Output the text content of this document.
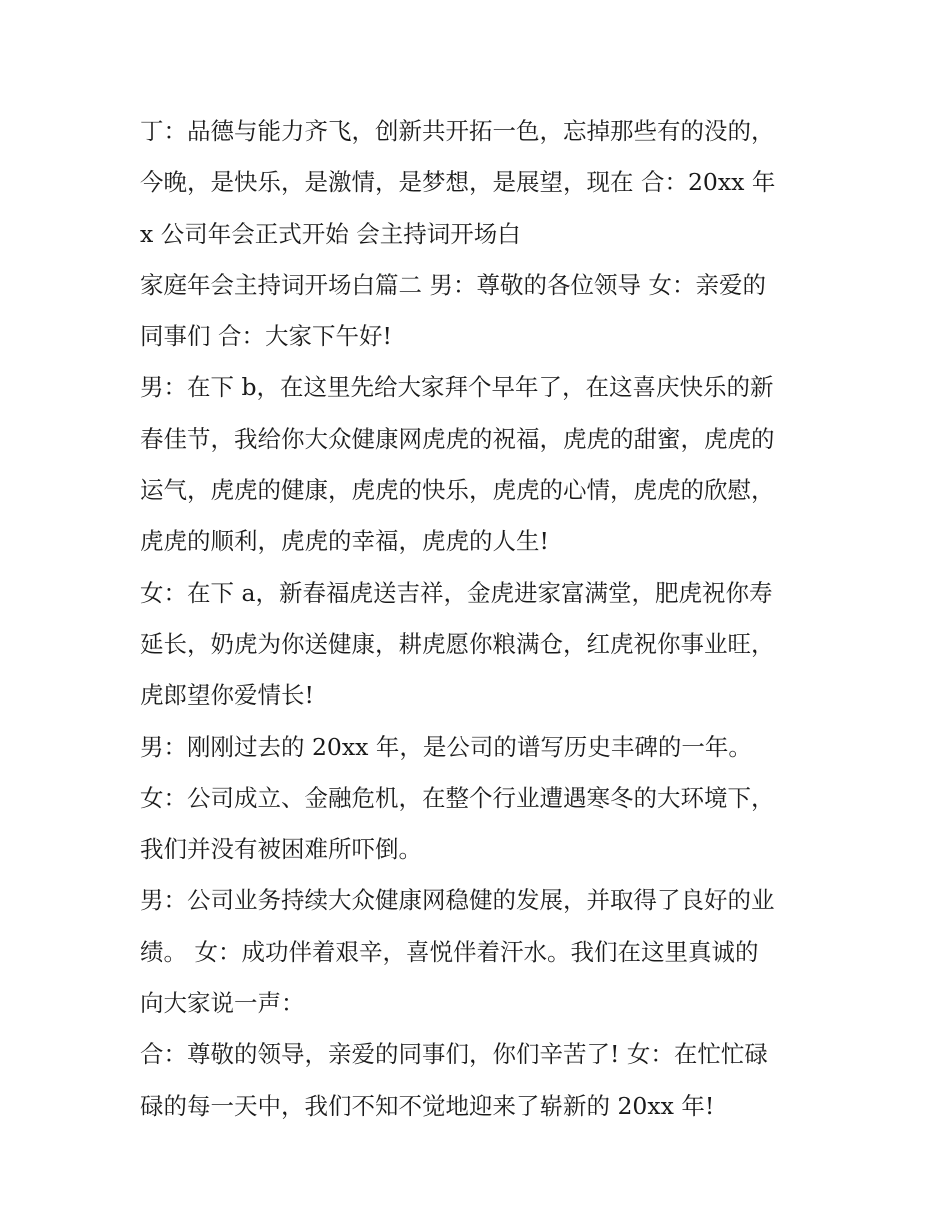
丁：品德与能力齐飞，创新共开拓一色，忘掉那些有的没的，
今晚，是快乐，是激情，是梦想，是展望，现在 合：20xx 年
x 公司年会正式开始 会主持词开场白
家庭年会主持词开场白篇二 男：尊敬的各位领导 女：亲爱的
同事们 合：大家下午好!
男：在下 b，在这里先给大家拜个早年了，在这喜庆快乐的新
春佳节，我给你大众健康网虎虎的祝福，虎虎的甜蜜，虎虎的
运气，虎虎的健康，虎虎的快乐，虎虎的心情，虎虎的欣慰，
虎虎的顺利，虎虎的幸福，虎虎的人生!
女：在下 a，新春福虎送吉祥，金虎进家富满堂，肥虎祝你寿
延长，奶虎为你送健康，耕虎愿你粮满仓，红虎祝你事业旺，
虎郎望你爱情长!
男：刚刚过去的 20xx 年，是公司的谱写历史丰碑的一年。
女：公司成立、金融危机，在整个行业遭遇寒冬的大环境下，
我们并没有被困难所吓倒。
男：公司业务持续大众健康网稳健的发展，并取得了良好的业
绩。 女：成功伴着艰辛，喜悦伴着汗水。我们在这里真诚的
向大家说一声：
合：尊敬的领导，亲爱的同事们，你们辛苦了! 女：在忙忙碌
碌的每一天中，我们不知不觉地迎来了崭新的 20xx 年!
